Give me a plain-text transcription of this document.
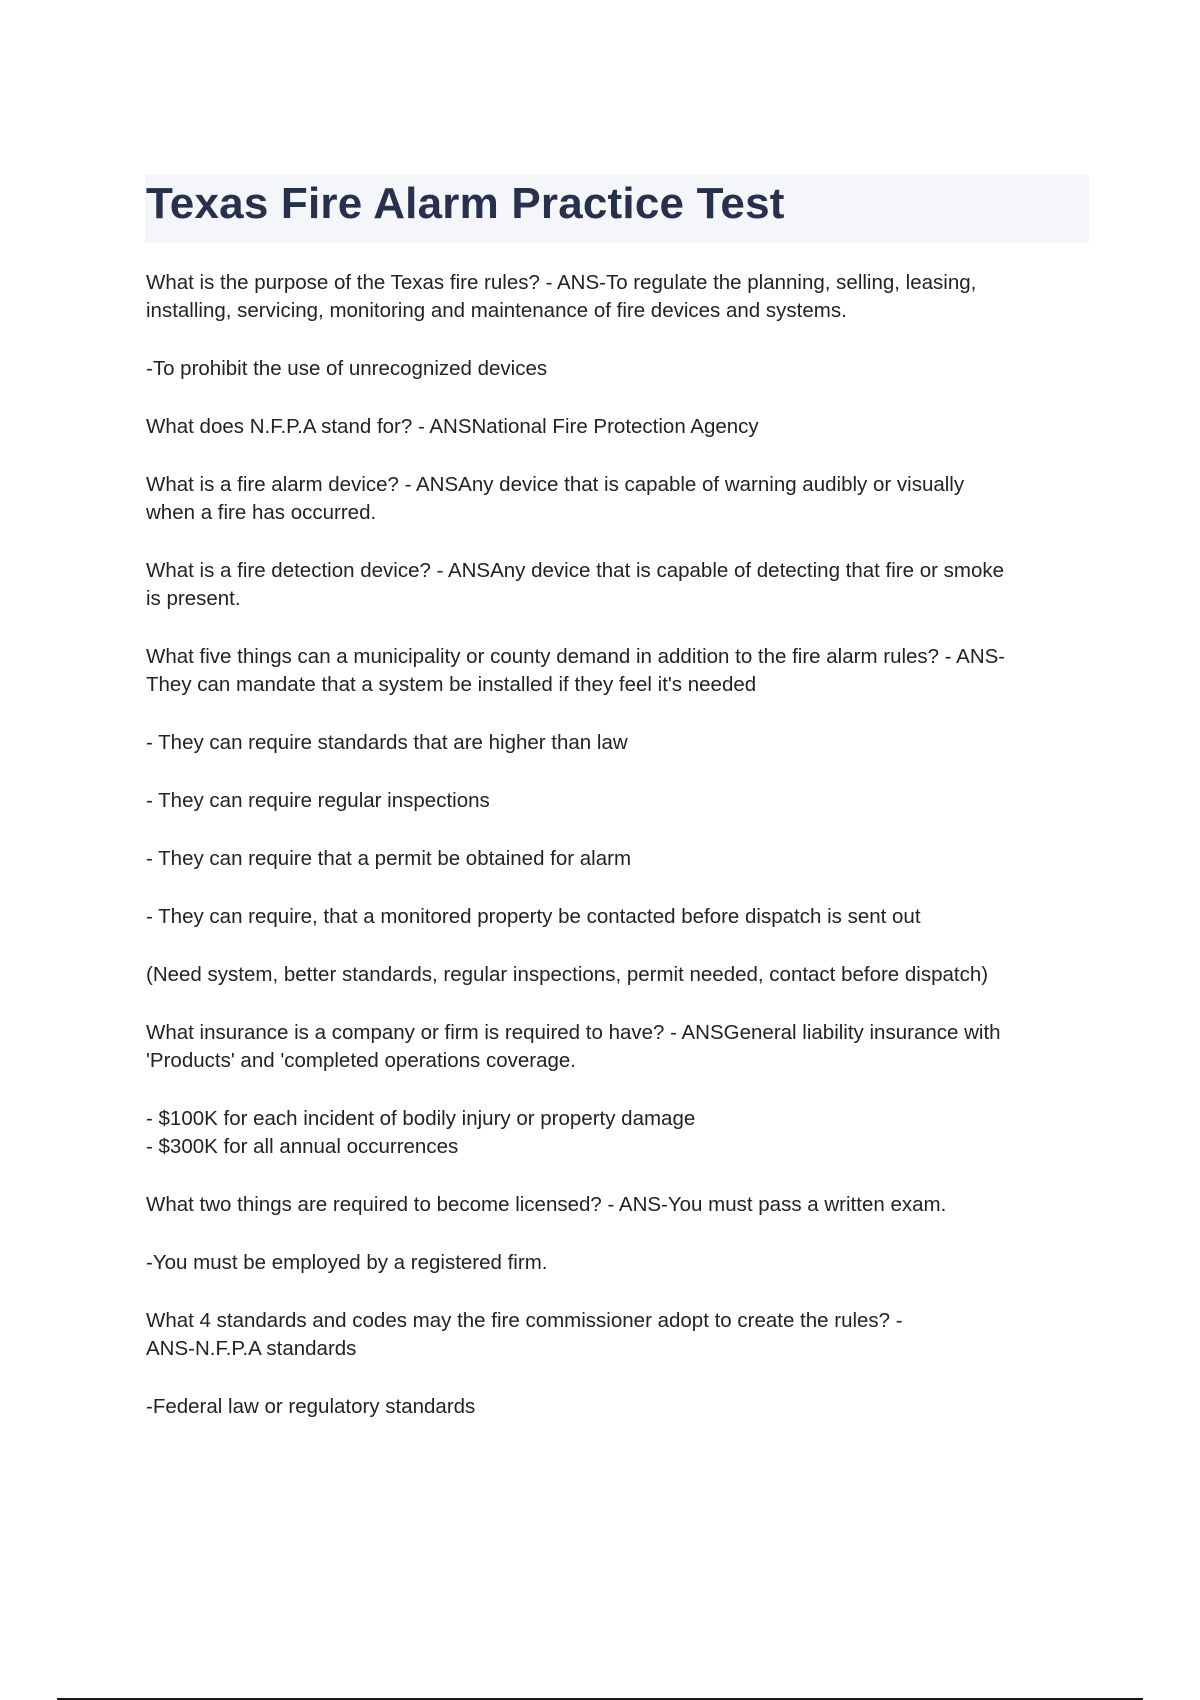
Texas Fire Alarm Practice Test

What is the purpose of the Texas fire rules? - ANS-To regulate the planning, selling, leasing,
installing, servicing, monitoring and maintenance of fire devices and systems.

-To prohibit the use of unrecognized devices

What does N.F.P.A stand for? - ANSNational Fire Protection Agency

What is a fire alarm device? - ANSAny device that is capable of warning audibly or visually
when a fire has occurred.

What is a fire detection device? - ANSAny device that is capable of detecting that fire or smoke
is present.

What five things can a municipality or county demand in addition to the fire alarm rules? - ANS-
They can mandate that a system be installed if they feel it's needed

- They can require standards that are higher than law

- They can require regular inspections

- They can require that a permit be obtained for alarm

- They can require, that a monitored property be contacted before dispatch is sent out

(Need system, better standards, regular inspections, permit needed, contact before dispatch)

What insurance is a company or firm is required to have? - ANSGeneral liability insurance with
'Products' and 'completed operations coverage.

- $100K for each incident of bodily injury or property damage
- $300K for all annual occurrences

What two things are required to become licensed? - ANS-You must pass a written exam.

-You must be employed by a registered firm.

What 4 standards and codes may the fire commissioner adopt to create the rules? -
ANS-N.F.P.A standards

-Federal law or regulatory standards
